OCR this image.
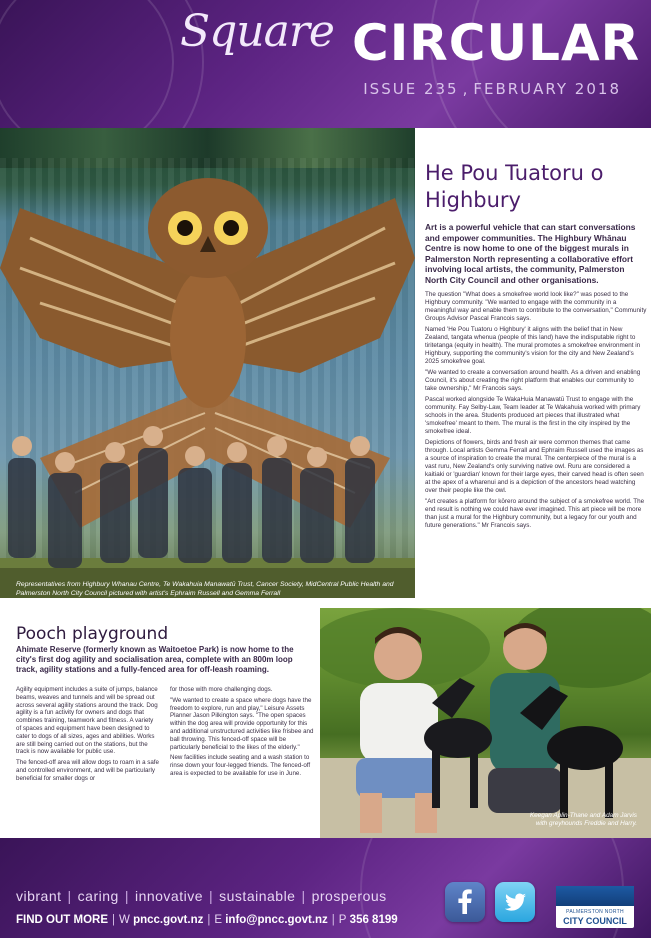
Square CIRCULAR
ISSUE 235 , FEBRUARY 2018
Representatives from Highbury Whanau Centre, Te Wakahuia Manawatū Trust, Cancer Society, MidCentral Public Health and Palmerston North City Council pictured with artist's Ephraim Russell and Gemma Ferrall
He Pou Tuatoru o Highbury

Art is a powerful vehicle that can start conversations and empower communities. The Highbury Whānau Centre is now home to one of the biggest murals in Palmerston North representing a collaborative effort involving local artists, the community, Palmerston North City Council and other organisations.

The question "What does a smokefree world look like?" was posed to the Highbury community. "We wanted to engage with the community in a meaningful way and enable them to contribute to the conversation," Community Groups Advisor Pascal Francois says.

Named 'He Pou Tuatoru o Highbury' it aligns with the belief that in New Zealand, tangata whenua (people of this land) have the indisputable right to tiritetanga (equity in health). The mural promotes a smokefree environment in Highbury, supporting the community's vision for the city and New Zealand's 2025 smokefree goal.

"We wanted to create a conversation around health. As a driven and enabling Council, it's about creating the right platform that enables our community to take ownership," Mr Francois says.

Pascal worked alongside Te WakaHuia Manawatū Trust to engage with the community. Fay Selby-Law, Team leader at Te Wakahuia worked with primary schools in the area. Students produced art pieces that illustrated what 'smokefree' meant to them. The mural is the first in the city inspired by the smokefree ideal.

Depictions of flowers, birds and fresh air were common themes that came through. Local artists Gemma Ferrall and Ephraim Russell used the images as a source of inspiration to create the mural. The centerpiece of the mural is a vast ruru, New Zealand's only surviving native owl. Ruru are considered a kaitiaki or 'guardian' known for their large eyes, their carved head is often seen at the apex of a wharenui and is a depiction of the ancestors head watching over their people like the owl.

"Art creates a platform for kōrero around the subject of a smokefree world. The end result is nothing we could have ever imagined. This art piece will be more than just a mural for the Highbury community, but a legacy for our youth and future generations." Mr Francois says.

Pooch playground

Ahimate Reserve (formerly known as Waitoetoe Park) is now home to the city's first dog agility and socialisation area, complete with an 800m loop track, agility stations and a fully-fenced area for off-leash roaming.

Agility equipment includes a suite of jumps, balance beams, weaves and tunnels and will be spread out across several agility stations around the track. Dog agility is a fun activity for owners and dogs that combines training, teamwork and fitness. A variety of spaces and equipment have been designed to cater to dogs of all sizes, ages and abilities. Works are still being carried out on the stations, but the track is now available for public use.

The fenced-off area will allow dogs to roam in a safe and controlled environment, and will be particularly beneficial for smaller dogs or

for those with more challenging dogs.

"We wanted to create a space where dogs have the freedom to explore, run and play," Leisure Assets Planner Jason Pilkington says. "The open spaces within the dog area will provide opportunity for this and additional unstructured activities like frisbee and ball throwing. This fenced-off space will be particularly beneficial to the likes of the elderly."

New facilities include seating and a wash station to rinse down your four-legged friends. The fenced-off area is expected to be available for use in June.

Keegan Aplin-Thane and Adam Jarvis with greyhounds Freddie and Harry.
vibrant | caring | innovative | sustainable | prosperous
FIND OUT MORE | W pncc.govt.nz | E info@pncc.govt.nz | P 356 8199
PALMERSTON NORTH
CITY COUNCIL
